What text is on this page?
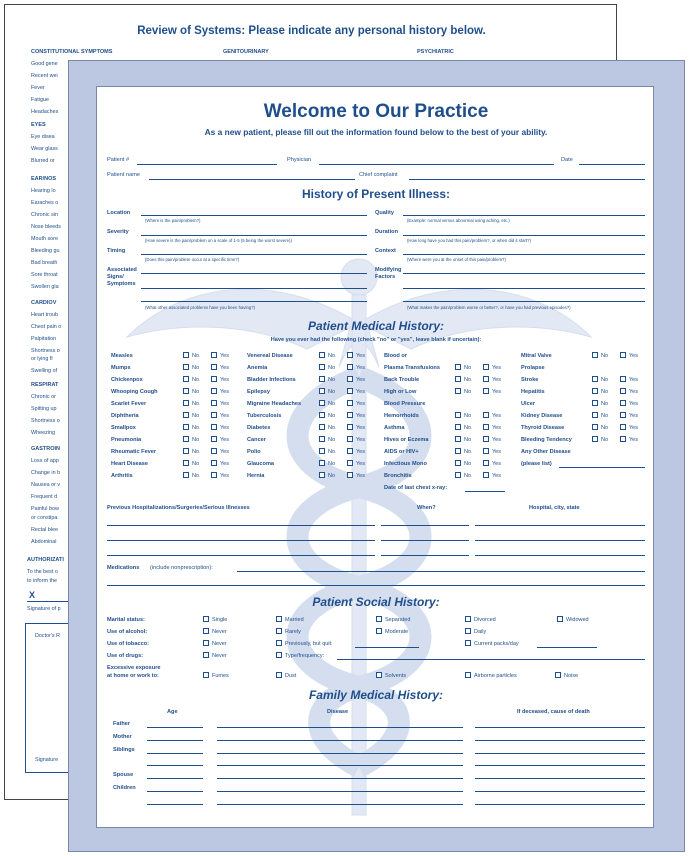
Review of Systems: Please indicate any personal history below.
CONSTITUTIONAL SYMPTOMS	GENITOURINARY	PSYCHIATRIC
Good gene
Recent wei
Fever
Fatigue
Headaches
EYES
Eye disea
Wear glass
Blurred or
EAR/NOS
Hearing lo
Earaches o
Chronic sin
Nose bleeds
Mouth sore
Bleeding gu
Bad breath
Sore throat
Swollen gla
CARDIOV
Heart troub
Chest pain o
Palpitation
Shortness o
or lying fl
Swelling of
RESPIRAT
Chronic or
Spitting up
Shortness o
Wheezing
GASTROIN
Loss of app
Change in b
Nausea or v
Frequent d
Painful bow
or constipa
Rectal blee
Abdominal
AUTHORIZATI
To the best o
to inform the
X
Signature of p
Doctor's R
Signature
Welcome to Our Practice
As a new patient, please fill out the information found below to the best of your ability.
Patient #	Physician	Date
Patient name	Chief complaint
History of Present Illness:
Location
(Where is the pain/problem?)
Quality
(Example: normal versus abnormal using aching, etc.)
Severity
(How severe is the pain/problem on a scale of 1-5 (5 being the worst severe))
Duration
(How long have you had this pain/problem?, or when did it start?)
Timing
(Does this pain/problem occur at a specific time?)
Context
(Where were you at the onset of this pain/problem?)
Associated
Signs/
Symptoms
(What other associated problems have you been having?)
Modifying
Factors
(What makes the pain/problem worse or better?, or have you had previous episodes?)
Patient Medical History:
Have you ever had the following (check "no" or "yes", leave blank if uncertain):
Measles	No	Yes
Mumps	No	Yes
Chickenpox	No	Yes
Whooping Cough	No	Yes
Scarlet Fever	No	Yes
Diphtheria	No	Yes
Smallpox	No	Yes
Pneumonia	No	Yes
Rheumatic Fever	No	Yes
Heart Disease	No	Yes
Arthritis	No	Yes
Venereal Disease	No	Yes
Anemia	No	Yes
Bladder Infections	No	Yes
Epilepsy	No	Yes
Migraine Headaches	No	Yes
Tuberculosis	No	Yes
Diabetes	No	Yes
Cancer	No	Yes
Polio	No	Yes
Glaucoma	No	Yes
Hernia	No	Yes
Blood or
Plasma Transfusions	No	Yes
Back Trouble	No	Yes
High or Low	No	Yes
Blood Pressure
Hemorrhoids	No	Yes
Asthma	No	Yes
Hives or Eczema	No	Yes
AIDS or HIV+	No	Yes
Infectious Mono	No	Yes
Bronchitis	No	Yes
Mitral Valve	No	Yes
Prolapse
Stroke	No	Yes
Hepatitis	No	Yes
Ulcer	No	Yes
Kidney Disease	No	Yes
Thyroid Disease	No	Yes
Bleeding Tendency	No	Yes
Any Other Disease
(please list)
Date of last chest x-ray:
Previous Hospitalizations/Surgeries/Serious Illnesses	When?	Hospital, city, state
Medications (include nonprescription):
Patient Social History:
Marital status:	Single	Married	Separated	Divorced	Widowed
Use of alcohol:	Never	Rarely	Moderate	Daily
Use of tobacco:	Never	Previously, but quit:	Current packs/day
Use of drugs:	Never	Type/frequency:
Excessive exposure
at home or work to:	Fumes	Dust	Solvents	Airborne particles	Noise
Family Medical History:
Age	Disease	If deceased, cause of death
Father
Mother
Siblings
Spouse
Children
